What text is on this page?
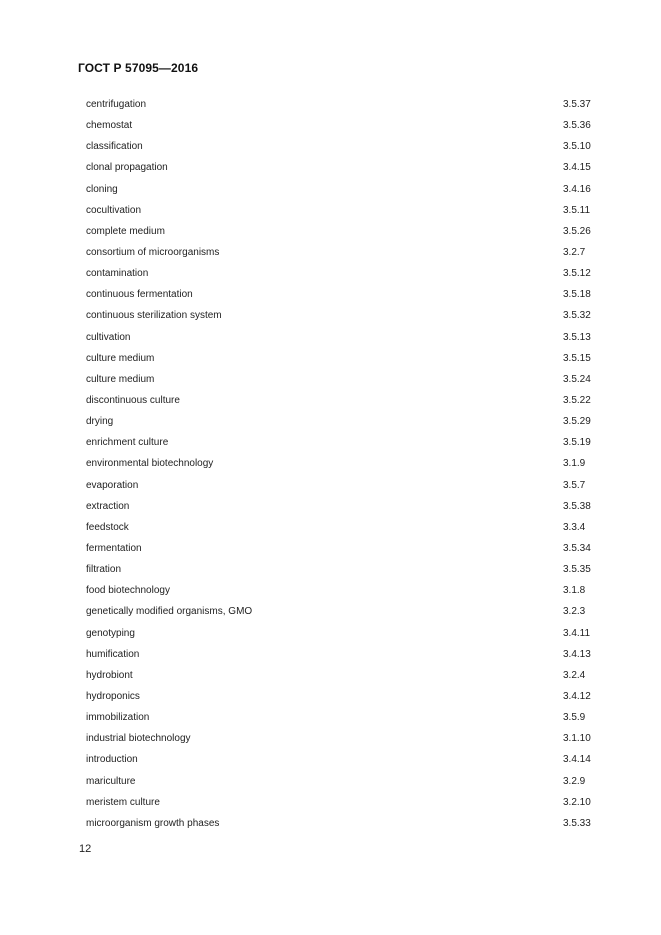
ГОСТ Р 57095—2016
centrifugation	3.5.37
chemostat	3.5.36
classification	3.5.10
clonal propagation	3.4.15
cloning	3.4.16
cocultivation	3.5.11
complete medium	3.5.26
consortium of microorganisms	3.2.7
contamination	3.5.12
continuous fermentation	3.5.18
continuous sterilization system	3.5.32
cultivation	3.5.13
culture medium	3.5.15
culture medium	3.5.24
discontinuous culture	3.5.22
drying	3.5.29
enrichment culture	3.5.19
environmental biotechnology	3.1.9
evaporation	3.5.7
extraction	3.5.38
feedstock	3.3.4
fermentation	3.5.34
filtration	3.5.35
food biotechnology	3.1.8
genetically modified organisms, GMO	3.2.3
genotyping	3.4.11
humification	3.4.13
hydrobiont	3.2.4
hydroponics	3.4.12
immobilization	3.5.9
industrial biotechnology	3.1.10
introduction	3.4.14
mariculture	3.2.9
meristem culture	3.2.10
microorganism growth phases	3.5.33
12
